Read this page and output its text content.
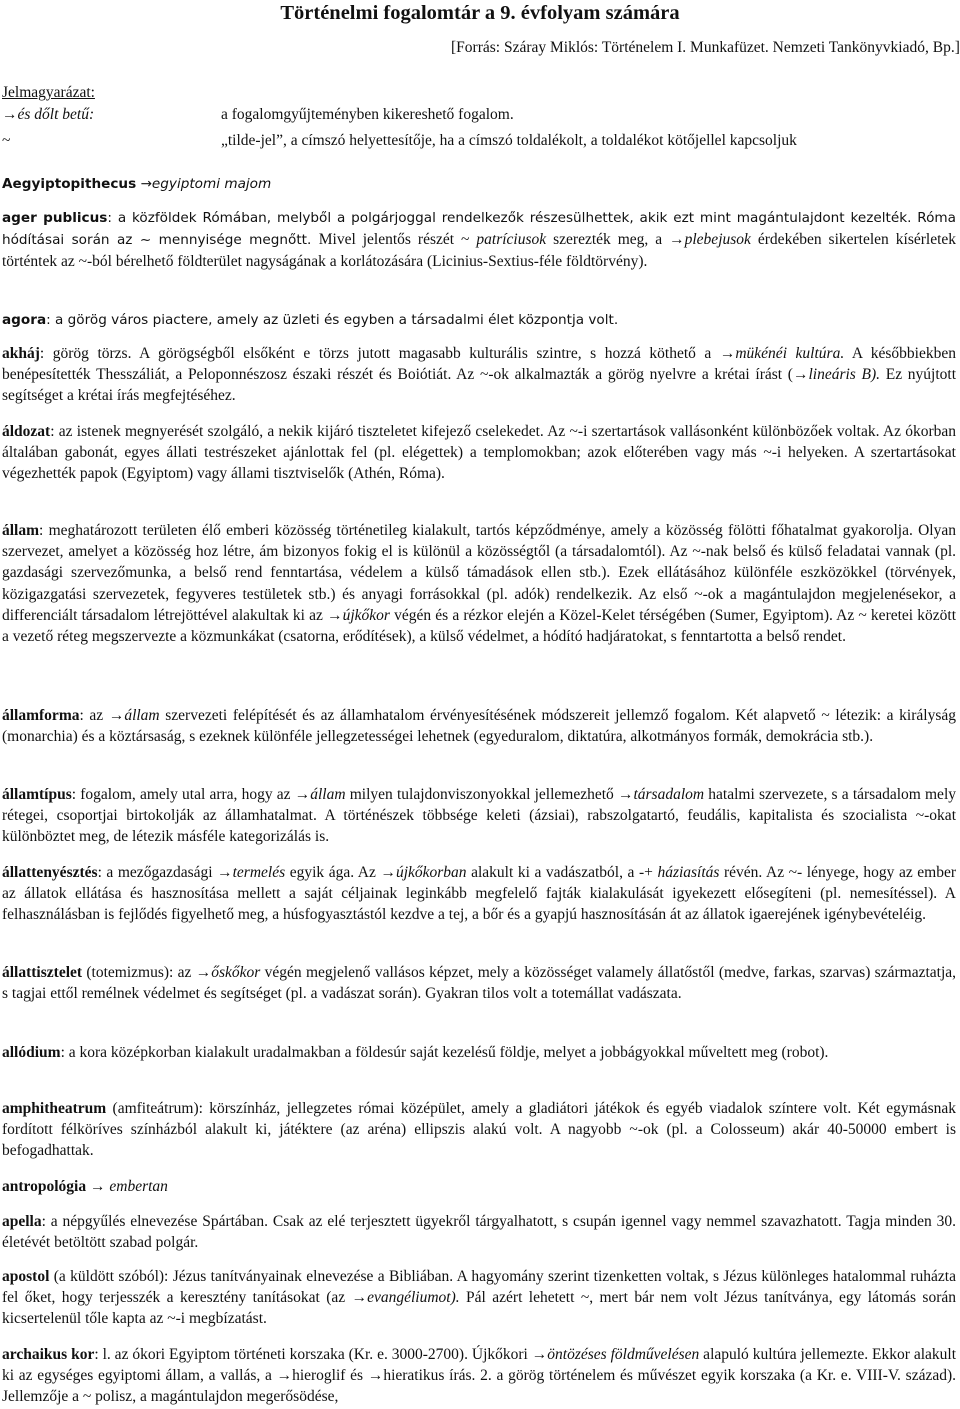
Történelmi fogalomtár a 9. évfolyam számára
[Forrás: Száray Miklós: Történelem I. Munkafüzet. Nemzeti Tankönyvkiadó, Bp.]
Jelmagyarázat:
→és dőlt betű:	a fogalomgyűjteményben kikereshető fogalom.
~	„tilde-jel”, a címszó helyettesítője, ha a címszó toldalékolt, a toldalékot kötőjellel kapcsoljuk

Aegyiptopithecus →egyiptomi majom

ager publicus: a közföldek Rómában, melyből a polgárjoggal rendelkezők részesülhettek, akik ezt mint magántulajdont kezelték. Róma hódításai során az ~ mennyisége megnőtt. Mivel jelentős részét ~ patríciusok szerezték meg, a →plebejusok érdekében sikertelen kísérletek történtek az ~-ból bérelhető földterület nagyságának a korlátozására (Licinius-Sextius-féle földtörvény).

agora: a görög város piactere, amely az üzleti és egyben a társadalmi élet központja volt.

akháj: görög törzs. A görögségből elsőként e törzs jutott magasabb kulturális szintre, s hozzá köthető a →mükénéi kultúra. A későbbiekben benépesítették Thesszáliát, a Peloponnészosz északi részét és Boiótiát. Az ~-ok alkalmazták a görög nyelvre a krétai írást (→lineáris B). Ez nyújtott segítséget a krétai írás megfejtéséhez.

áldozat: az istenek megnyerését szolgáló, a nekik kijáró tiszteletet kifejező cselekedet. Az ~-i szertartások vallásonként különbözőek voltak. Az ókorban általában gabonát, egyes állati testrészeket ajánlottak fel (pl. elégettek) a templomokban; azok előterében vagy más ~-i helyeken. A szertartásokat végezhették papok (Egyiptom) vagy állami tisztviselők (Athén, Róma).

állam: meghatározott területen élő emberi közösség történetileg kialakult, tartós képződménye, amely a közösség fölötti főhatalmat gyakorolja. Olyan szervezet, amelyet a közösség hoz létre, ám bizonyos fokig el is különül a közösségtől (a társadalomtól). Az ~-nak belső és külső feladatai vannak (pl. gazdasági szervezőmunka, a belső rend fenntartása, védelem a külső támadások ellen stb.). Ezek ellátásához különféle eszközökkel (törvények, közigazgatási szervezetek, fegyveres testületek stb.) és anyagi forrásokkal (pl. adók) rendelkezik. Az első ~-ok a magántulajdon megjelenésekor, a differenciált társadalom létrejöttével alakultak ki az →újkőkor végén és a rézkor elején a Közel-Kelet térségében (Sumer, Egyiptom). Az ~ keretei között a vezető réteg megszervezte a közmunkákat (csatorna, erődítések), a külső védelmet, a hódító hadjáratokat, s fenntartotta a belső rendet.

államforma: az →állam szervezeti felépítését és az államhatalom érvényesítésének módszereit jellemző fogalom. Két alapvető ~ létezik: a királyság (monarchia) és a köztársaság, s ezeknek különféle jellegzetességei lehetnek (egyeduralom, diktatúra, alkotmányos formák, demokrácia stb.).

államtípus: fogalom, amely utal arra, hogy az →állam milyen tulajdonviszonyokkal jellemezhető →társadalom hatalmi szervezete, s a társadalom mely rétegei, csoportjai birtokolják az államhatalmat. A történészek többsége keleti (ázsiai), rabszolgatartó, feudális, kapitalista és szocialista ~-okat különböztet meg, de létezik másféle kategorizálás is.

állattenyésztés: a mezőgazdasági →termelés egyik ága. Az →újkőkorban alakult ki a vadászatból, a -+ háziasítás révén. Az ~- lényege, hogy az ember az állatok ellátása és hasznosítása mellett a saját céljainak leginkább megfelelő fajták kialakulását igyekezett elősegíteni (pl. nemesítéssel). A felhasználásban is fejlődés figyelhető meg, a húsfogyasztástól kezdve a tej, a bőr és a gyapjú hasznosításán át az állatok igaerejének igénybevételéig.

állattisztelet (totemizmus): az →őskőkor végén megjelenő vallásos képzet, mely a közösséget valamely állatőstől (medve, farkas, szarvas) származtatja, s tagjai ettől remélnek védelmet és segítséget (pl. a vadászat során). Gyakran tilos volt a totemállat vadászata.

allódium: a kora középkorban kialakult uradalmakban a földesúr saját kezelésű földje, melyet a jobbágyokkal műveltett meg (robot).

amphitheatrum (amfiteátrum): körszínház, jellegzetes római középület, amely a gladiátori játékok és egyéb viadalok színtere volt. Két egymásnak fordított félköríves színházból alakult ki, játéktere (az aréna) ellipszis alakú volt. A nagyobb ~-ok (pl. a Colosseum) akár 40-50000 embert is befogadhattak.

antropológia → embertan

apella: a népgyűlés elnevezése Spártában. Csak az elé terjesztett ügyekről tárgyalhatott, s csupán igennel vagy nemmel szavazhatott. Tagja minden 30. életévét betöltött szabad polgár.

apostol (a küldött szóból): Jézus tanítványainak elnevezése a Bibliában. A hagyomány szerint tizenketten voltak, s Jézus különleges hatalommal ruházta fel őket, hogy terjesszék a keresztény tanításokat (az →evangéliumot). Pál azért lehetett ~, mert bár nem volt Jézus tanítványa, egy látomás során kicsertelenül tőle kapta az ~-i megbízatást.

archaikus kor: l. az ókori Egyiptom történeti korszaka (Kr. e. 3000-2700). Újkőkori →öntözéses földművelésen alapuló kultúra jellemezte. Ekkor alakult ki az egységes egyiptomi állam, a vallás, a →hieroglif és →hieratikus írás. 2. a görög történelem és művészet egyik korszaka (a Kr. e. VIII-V. század). Jellemzője a ~ polisz, a magántulajdon megerősödése,
